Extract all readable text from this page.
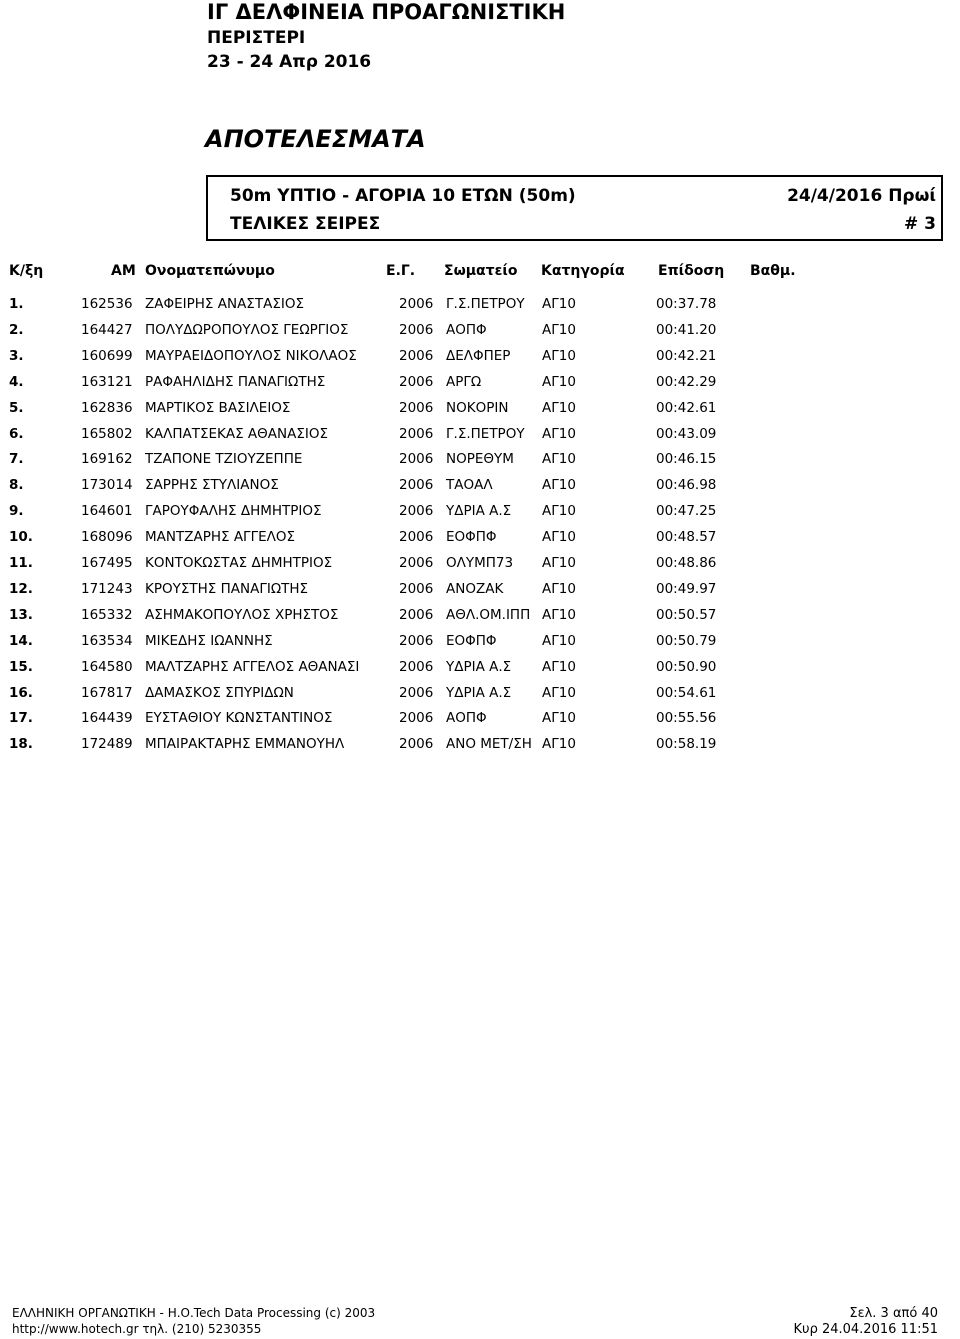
ΙΓ ΔΕΛΦΙΝΕΙΑ ΠΡΟΑΓΩΝΙΣΤΙΚΗ
ΠΕΡΙΣΤΕΡΙ
23 - 24 Απρ 2016
ΑΠΟΤΕΛΕΣΜΑΤΑ
50m ΥΠΤΙΟ - ΑΓΟΡΙΑ 10 ΕΤΩΝ (50m)
ΤΕΛΙΚΕΣ ΣΕΙΡΕΣ
24/4/2016 Πρωί
# 3
Κ/ξη	ΑΜ Ονοματεπώνυμο	Ε.Γ. Σωματείο Κατηγορία Επίδοση Βαθμ.
1.	162536 ΖΑΦΕΙΡΗΣ ΑΝΑΣΤΑΣΙΟΣ	2006 Γ.Σ.ΠΕΤΡΟΥ ΑΓ10	00:37.78
2.	164427 ΠΟΛΥΔΩΡΟΠΟΥΛΟΣ ΓΕΩΡΓΙΟΣ	2006 ΑΟΠΦ	ΑΓ10	00:41.20
3.	160699 ΜΑΥΡΑΕΙΔΟΠΟΥΛΟΣ ΝΙΚΟΛΑΟΣ	2006 ΔΕΛΦΠΕΡ ΑΓ10	00:42.21
4.	163121 ΡΑΦΑΗΛΙΔΗΣ ΠΑΝΑΓΙΩΤΗΣ	2006 ΑΡΓΩ	ΑΓ10	00:42.29
5.	162836 ΜΑΡΤΙΚΟΣ ΒΑΣΙΛΕΙΟΣ	2006 ΝΟΚΟΡΙΝ ΑΓ10	00:42.61
6.	165802 ΚΑΛΠΑΤΣΕΚΑΣ ΑΘΑΝΑΣΙΟΣ	2006 Γ.Σ.ΠΕΤΡΟΥ ΑΓ10	00:43.09
7.	169162 ΤΖΑΠΟΝΕ ΤΖΙΟΥΖΕΠΠΕ	2006 ΝΟΡΕΘΥΜ ΑΓ10	00:46.15
8.	173014 ΣΑΡΡΗΣ ΣΤΥΛΙΑΝΟΣ	2006 ΤΑΟΑΛ	ΑΓ10	00:46.98
9.	164601 ΓΑΡΟΥΦΑΛΗΣ ΔΗΜΗΤΡΙΟΣ	2006 ΥΔΡΙΑ Α.Σ ΑΓ10	00:47.25
10.	168096 ΜΑΝΤΖΑΡΗΣ ΑΓΓΕΛΟΣ	2006 ΕΟΦΠΦ	ΑΓ10	00:48.57
11.	167495 ΚΟΝΤΟΚΩΣΤΑΣ ΔΗΜΗΤΡΙΟΣ	2006 ΟΛΥΜΠ73 ΑΓ10	00:48.86
12.	171243 ΚΡΟΥΣΤΗΣ ΠΑΝΑΓΙΩΤΗΣ	2006 ΑΝΟΖΑΚ	ΑΓ10	00:49.97
13.	165332 ΑΣΗΜΑΚΟΠΟΥΛΟΣ ΧΡΗΣΤΟΣ	2006 ΑΘΛ.ΟΜ.ΙΠΠ ΑΓ10	00:50.57
14.	163534 ΜΙΚΕΔΗΣ ΙΩΑΝΝΗΣ	2006 ΕΟΦΠΦ	ΑΓ10	00:50.79
15.	164580 ΜΑΛΤΖΑΡΗΣ ΑΓΓΕΛΟΣ ΑΘΑΝΑΣΙ	2006 ΥΔΡΙΑ Α.Σ ΑΓ10	00:50.90
16.	167817 ΔΑΜΑΣΚΟΣ ΣΠΥΡΙΔΩΝ	2006 ΥΔΡΙΑ Α.Σ ΑΓ10	00:54.61
17.	164439 ΕΥΣΤΑΘΙΟΥ ΚΩΝΣΤΑΝΤΙΝΟΣ	2006 ΑΟΠΦ	ΑΓ10	00:55.56
18.	172489 ΜΠΑΙΡΑΚΤΑΡΗΣ ΕΜΜΑΝΟΥΗΛ	2006 ΑΝΟ ΜΕΤ/ΣΗ ΑΓ10	00:58.19
ΕΛΛΗΝΙΚΗ ΟΡΓΑΝΩΤΙΚΗ - Η.Ο.Tech Data Processing (c) 2003
http://www.hotech.gr τηλ. (210) 5230355
Σελ. 3 από 40
Κυρ 24.04.2016 11:51
